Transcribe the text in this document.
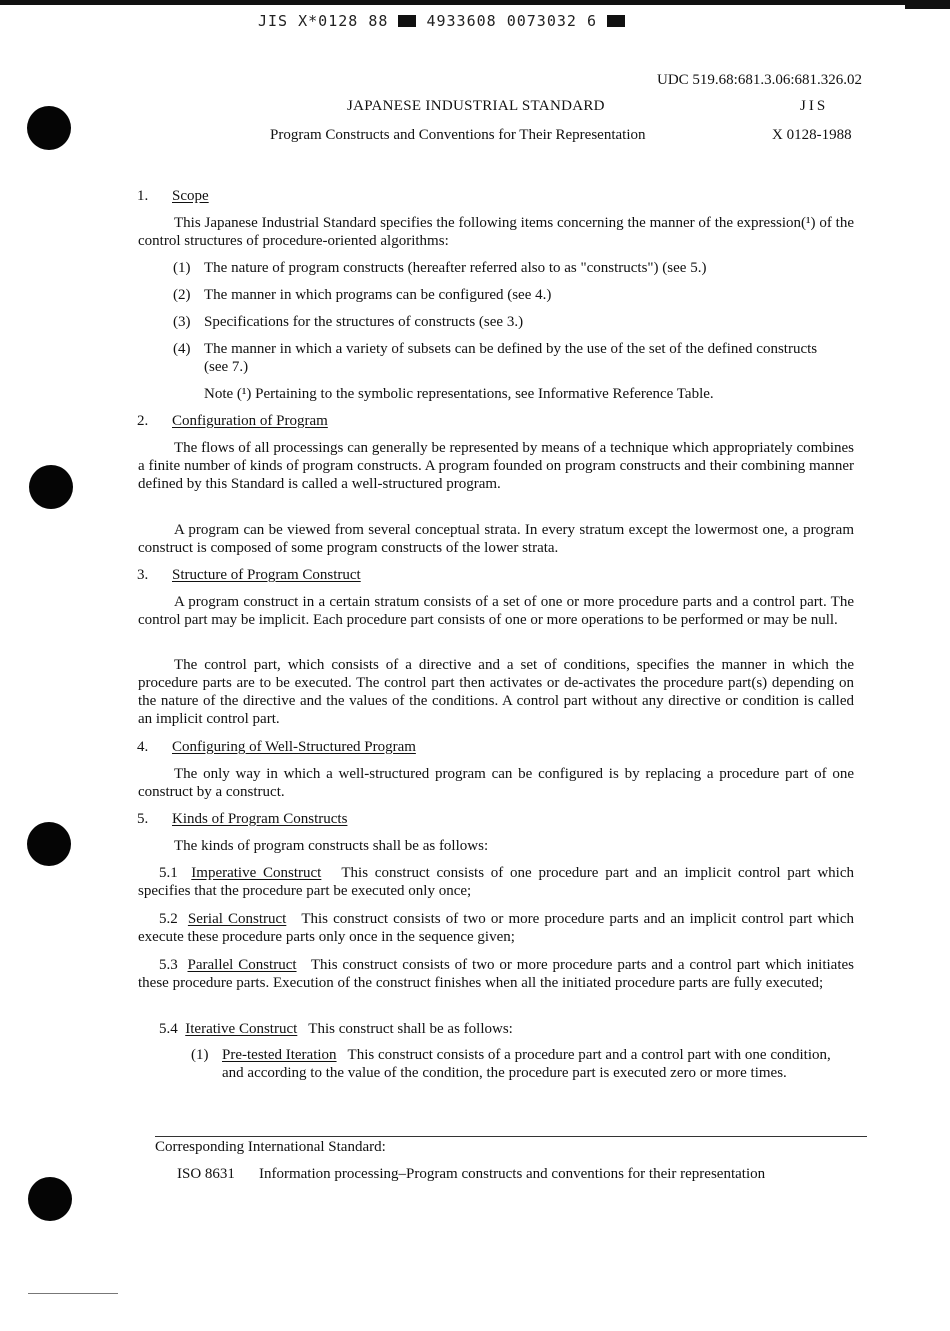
JIS X*0128 88	4933608 0073032 6
UDC 519.68:681.3.06:681.326.02
JAPANESE INDUSTRIAL STANDARD	JIS
Program Constructs and Conventions for Their Representation	X 0128-1988
1. Scope
This Japanese Industrial Standard specifies the following items concerning the manner of the expression(¹) of the control structures of procedure-oriented algorithms:
(1) The nature of program constructs (hereafter referred also to as "constructs") (see 5.)
(2) The manner in which programs can be configured (see 4.)
(3) Specifications for the structures of constructs (see 3.)
(4) The manner in which a variety of subsets can be defined by the use of the set of the defined constructs (see 7.)
Note (¹) Pertaining to the symbolic representations, see Informative Reference Table.
2. Configuration of Program
The flows of all processings can generally be represented by means of a technique which appropriately combines a finite number of kinds of program constructs. A program founded on program constructs and their combining manner defined by this Standard is called a well-structured program.
A program can be viewed from several conceptual strata. In every stratum except the lowermost one, a program construct is composed of some program constructs of the lower strata.
3. Structure of Program Construct
A program construct in a certain stratum consists of a set of one or more procedure parts and a control part. The control part may be implicit. Each procedure part consists of one or more operations to be performed or may be null.
The control part, which consists of a directive and a set of conditions, specifies the manner in which the procedure parts are to be executed. The control part then activates or de-activates the procedure part(s) depending on the nature of the directive and the values of the conditions. A control part without any directive or condition is called an implicit control part.
4. Configuring of Well-Structured Program
The only way in which a well-structured program can be configured is by replacing a procedure part of one construct by a construct.
5. Kinds of Program Constructs
The kinds of program constructs shall be as follows:
5.1 Imperative Construct This construct consists of one procedure part and an implicit control part which specifies that the procedure part be executed only once;
5.2 Serial Construct This construct consists of two or more procedure parts and an implicit control part which execute these procedure parts only once in the sequence given;
5.3 Parallel Construct This construct consists of two or more procedure parts and a control part which initiates these procedure parts. Execution of the construct finishes when all the initiated procedure parts are fully executed;
5.4 Iterative Construct This construct shall be as follows:
(1) Pre-tested Iteration This construct consists of a procedure part and a control part with one condition, and according to the value of the condition, the procedure part is executed zero or more times.
Corresponding International Standard:
ISO 8631 Information processing–Program constructs and conventions for their representation
